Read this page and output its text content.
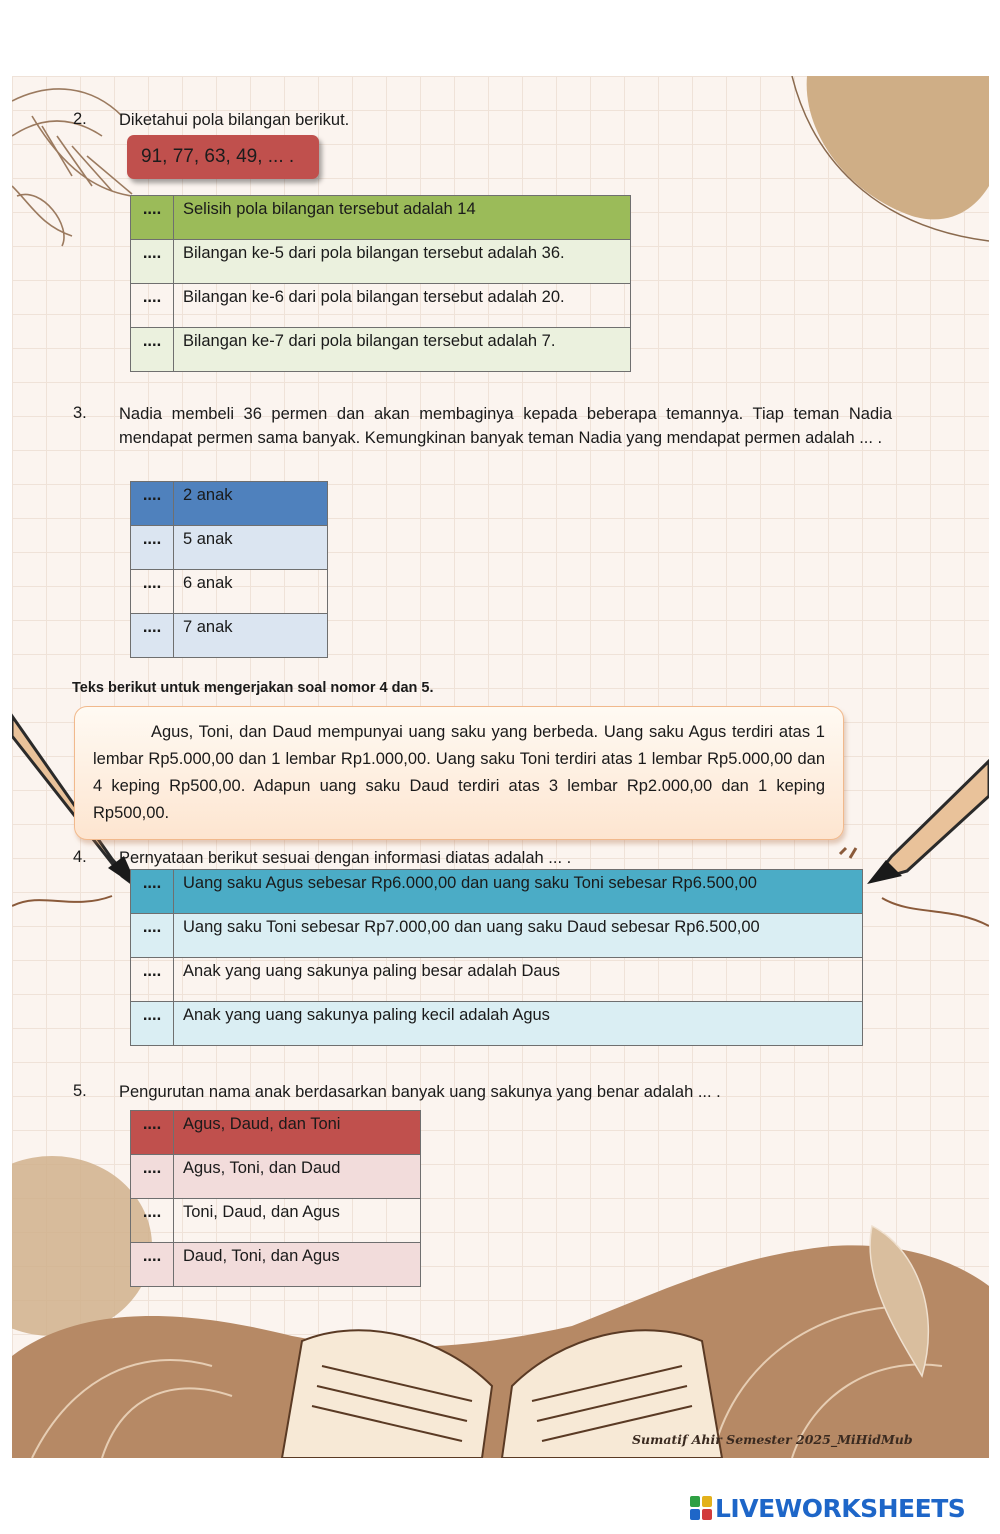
Sumatif Ahir Semester 2025_MiHidMub
2. Diketahui pola bilangan berikut.
91, 77, 63, 49, ... .
....	Selisih pola bilangan tersebut adalah 14
....	Bilangan ke-5 dari pola bilangan tersebut adalah 36.
....	Bilangan ke-6 dari pola bilangan tersebut adalah 20.
....	Bilangan ke-7 dari pola bilangan tersebut adalah 7.
3. Nadia membeli 36 permen dan akan membaginya kepada beberapa temannya. Tiap teman Nadia mendapat permen sama banyak. Kemungkinan banyak teman Nadia yang mendapat permen adalah ... .
....	2 anak
....	5 anak
....	6 anak
....	7 anak
Teks berikut untuk mengerjakan soal nomor 4 dan 5.
Agus, Toni, dan Daud mempunyai uang saku yang berbeda. Uang saku Agus terdiri atas 1 lembar Rp5.000,00 dan 1 lembar Rp1.000,00. Uang saku Toni terdiri atas 1 lembar Rp5.000,00 dan 4 keping Rp500,00. Adapun uang saku Daud terdiri atas 3 lembar Rp2.000,00 dan 1 keping Rp500,00.
4. Pernyataan berikut sesuai dengan informasi diatas adalah ... .
....	Uang saku Agus sebesar Rp6.000,00 dan uang saku Toni sebesar Rp6.500,00
....	Uang saku Toni sebesar Rp7.000,00 dan uang saku Daud sebesar Rp6.500,00
....	Anak yang uang sakunya paling besar adalah Daus
....	Anak yang uang sakunya paling kecil adalah Agus
5. Pengurutan nama anak berdasarkan banyak uang sakunya yang benar adalah ... .
....	Agus, Daud, dan Toni
....	Agus, Toni, dan Daud
....	Toni, Daud, dan Agus
....	Daud, Toni, dan Agus
LIVEWORKSHEETS
